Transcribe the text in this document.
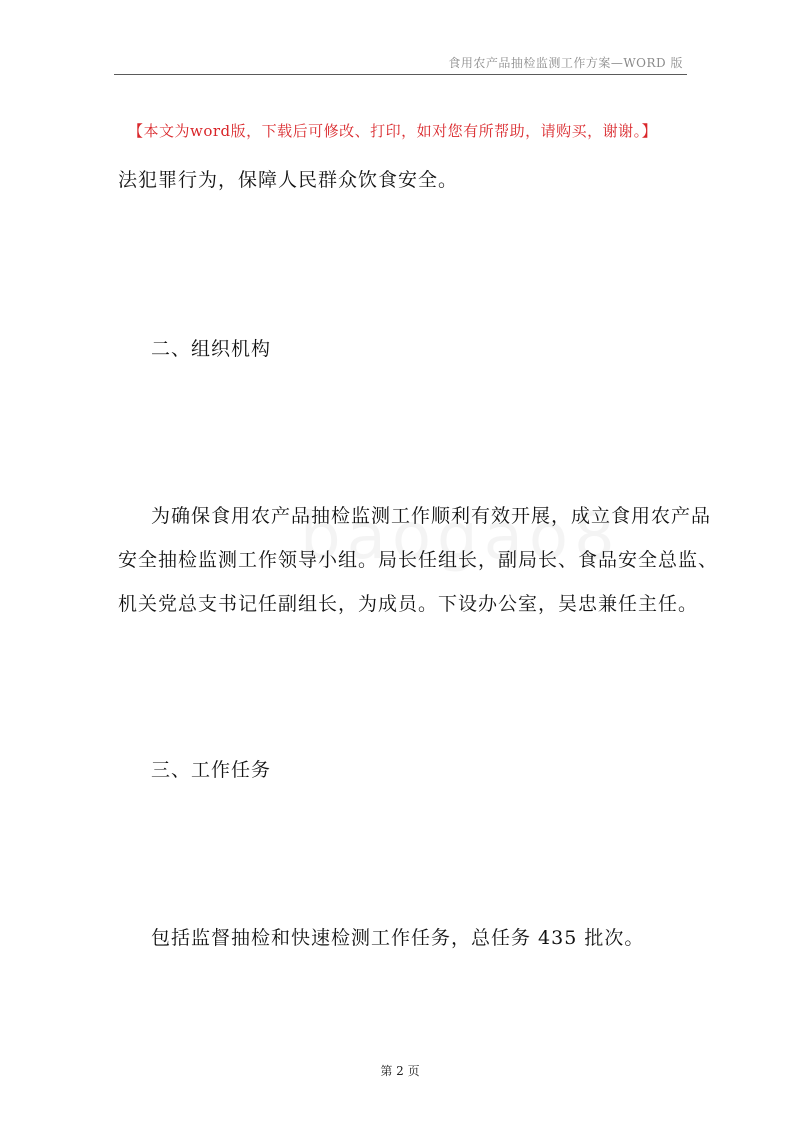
食用农产品抽检监测工作方案—WORD 版
【本文为word版，下载后可修改、打印，如对您有所帮助，请购买，谢谢。】
法犯罪行为，保障人民群众饮食安全。
二、组织机构
为确保食用农产品抽检监测工作顺利有效开展，成立食用农产品
安全抽检监测工作领导小组。局长任组长，副局长、食品安全总监、
机关党总支书记任副组长，为成员。下设办公室，吴忠兼任主任。
三、工作任务
包括监督抽检和快速检测工作任务，总任务 435 批次。
第 2 页
